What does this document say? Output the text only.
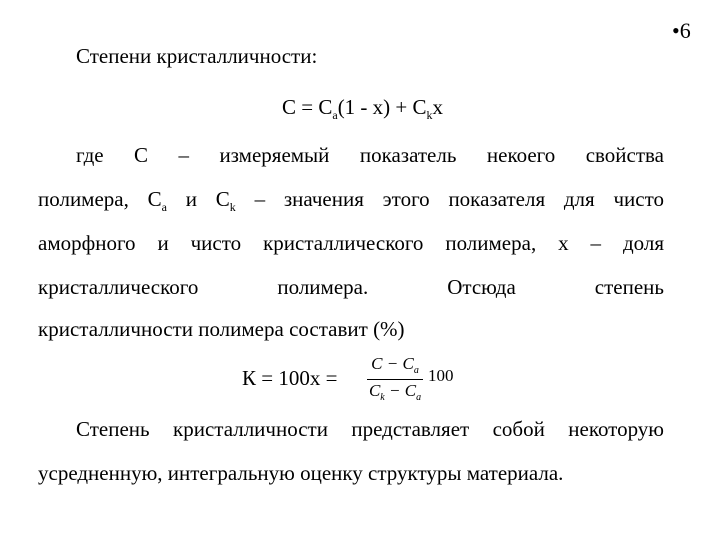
•6
Степени кристалличности:
$C = C_a(1 - x) + C_kx$
где C – измеряемый показатель некоего свойства
полимера, $C_a$ и $C_k$ – значения этого показателя для чисто
аморфного и чисто кристаллического полимера, x – доля
кристаллического полимера. Отсюда степень
кристалличности полимера составит (%)
К = 100x =
$C - C_a$
$C_k - C_a$
100
Степень кристалличности представляет собой некоторую
усредненную, интегральную оценку структуры материала.
